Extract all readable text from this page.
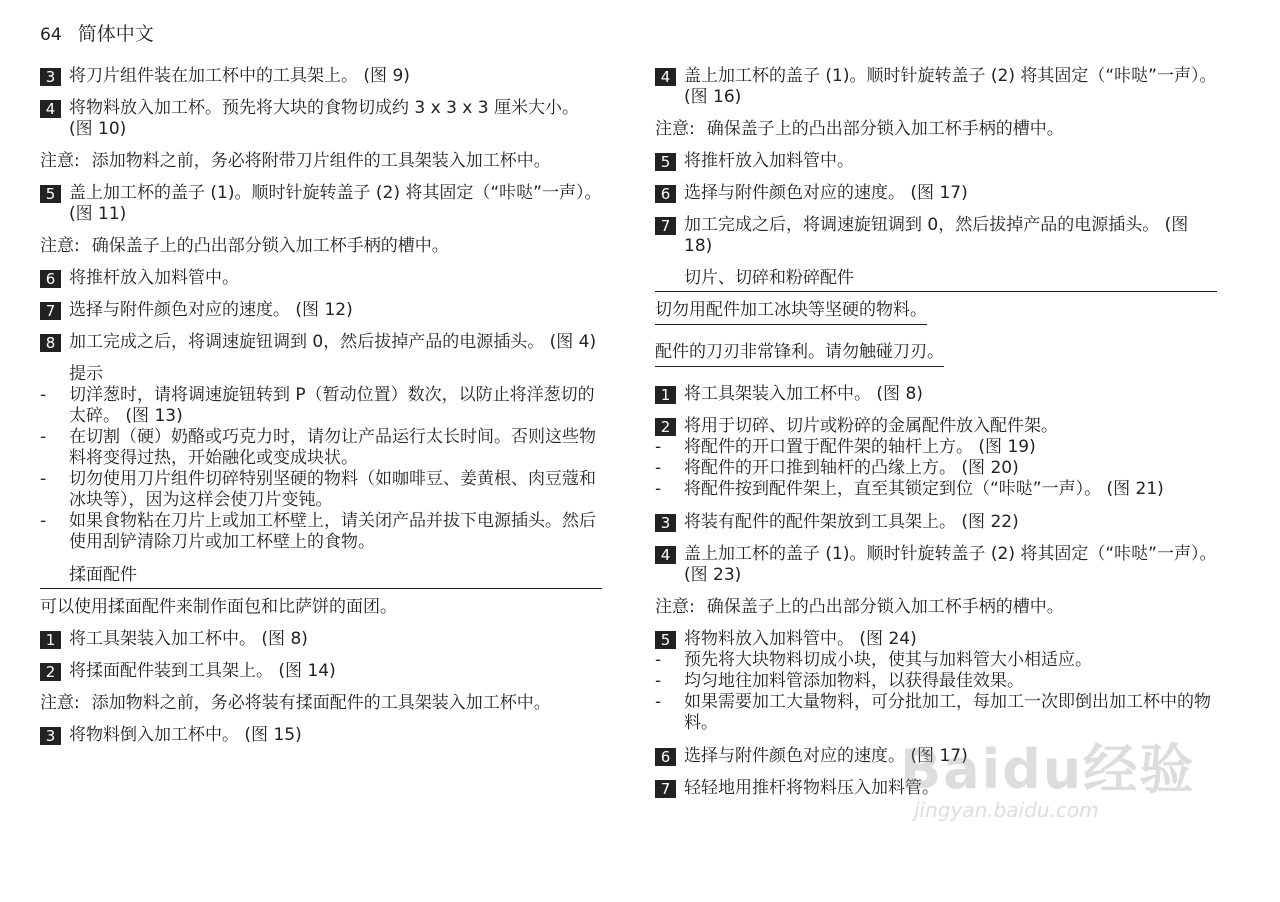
64 简体中文
3 将刀片组件装在加工杯中的工具架上。 (图 9)
4 将物料放入加工杯。预先将大块的食物切成约 3 x 3 x 3 厘米大小。 (图 10)
注意: 添加物料之前，务必将附带刀片组件的工具架装入加工杯中。
5 盖上加工杯的盖子 (1)。顺时针旋转盖子 (2) 将其固定（“咔哒”一声）。 (图 11)
注意: 确保盖子上的凸出部分锁入加工杯手柄的槽中。
6 将推杆放入加料管中。
7 选择与附件颜色对应的速度。 (图 12)
8 加工完成之后，将调速旋钮调到 0，然后拔掉产品的电源插头。 (图 4)
提示
- 切洋葱时，请将调速旋钮转到 P（暂动位置）数次，以防止将洋葱切的太碎。 (图 13)
- 在切割（硬）奶酪或巧克力时，请勿让产品运行太长时间。否则这些物料将变得过热，开始融化或变成块状。
- 切勿使用刀片组件切碎特别坚硬的物料（如咖啡豆、姜黄根、肉豆蔻和冰块等），因为这样会使刀片变钝。
- 如果食物粘在刀片上或加工杯壁上，请关闭产品并拔下电源插头。然后使用刮铲清除刀片或加工杯壁上的食物。
揉面配件
可以使用揉面配件来制作面包和比萨饼的面团。
1 将工具架装入加工杯中。 (图 8)
2 将揉面配件装到工具架上。 (图 14)
注意: 添加物料之前，务必将装有揉面配件的工具架装入加工杯中。
3 将物料倒入加工杯中。 (图 15)
4 盖上加工杯的盖子 (1)。顺时针旋转盖子 (2) 将其固定（“咔哒”一声）。 (图 16)
注意: 确保盖子上的凸出部分锁入加工杯手柄的槽中。
5 将推杆放入加料管中。
6 选择与附件颜色对应的速度。 (图 17)
7 加工完成之后，将调速旋钮调到 0，然后拔掉产品的电源插头。 (图 18)
切片、切碎和粉碎配件
切勿用配件加工冰块等坚硬的物料。
配件的刀刃非常锋利。请勿触碰刀刃。
1 将工具架装入加工杯中。 (图 8)
2 将用于切碎、切片或粉碎的金属配件放入配件架。
- 将配件的开口置于配件架的轴杆上方。 (图 19)
- 将配件的开口推到轴杆的凸缘上方。 (图 20)
- 将配件按到配件架上，直至其锁定到位（“咔哒”一声）。 (图 21)
3 将装有配件的配件架放到工具架上。 (图 22)
4 盖上加工杯的盖子 (1)。顺时针旋转盖子 (2) 将其固定（“咔哒”一声）。 (图 23)
注意: 确保盖子上的凸出部分锁入加工杯手柄的槽中。
5 将物料放入加料管中。 (图 24)
- 预先将大块物料切成小块，使其与加料管大小相适应。
- 均匀地往加料管添加物料，以获得最佳效果。
- 如果需要加工大量物料，可分批加工，每加工一次即倒出加工杯中的物料。
6 选择与附件颜色对应的速度。 (图 17)
7 轻轻地用推杆将物料压入加料管。
Baidu经验
jingyan.baidu.com
